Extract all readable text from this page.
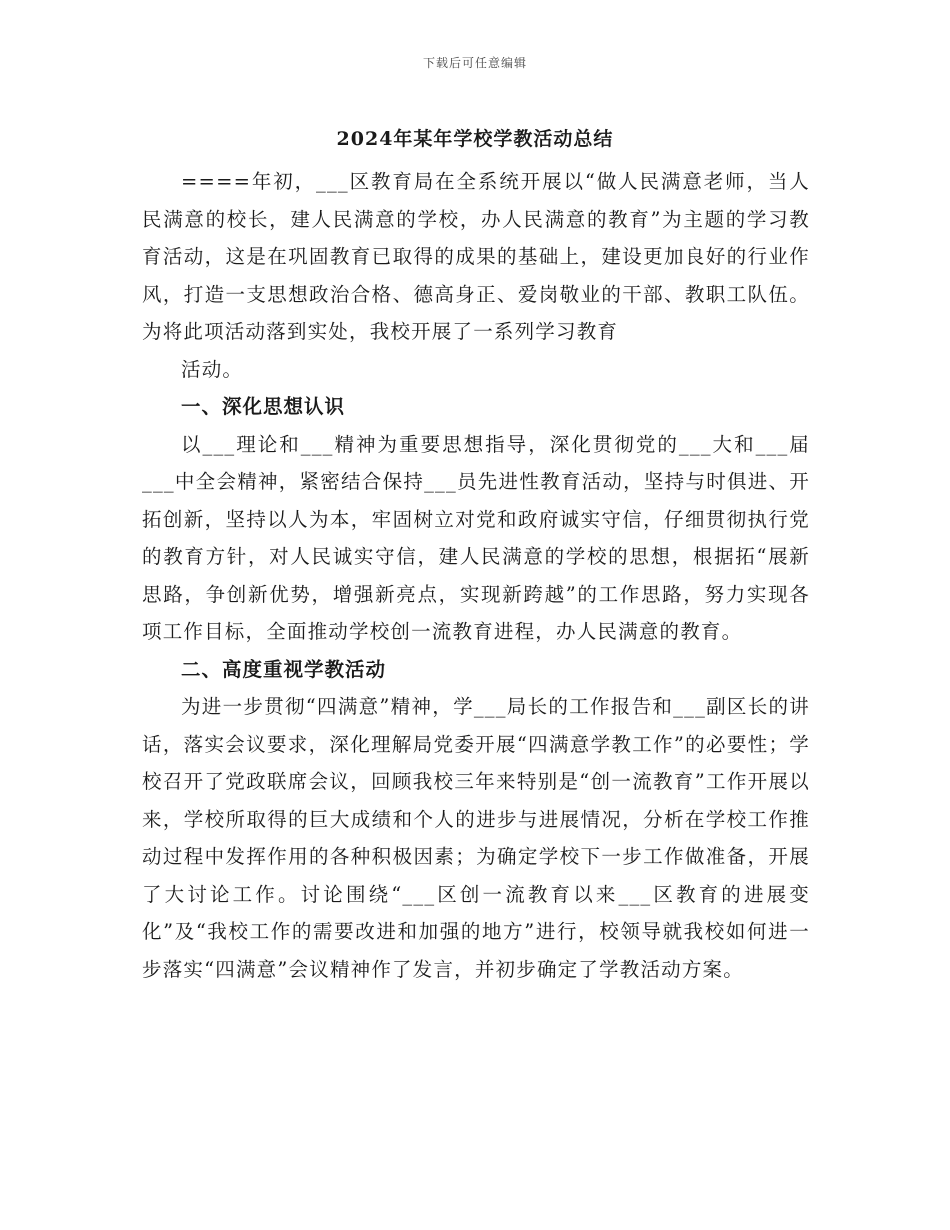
下载后可任意编辑
2024年某年学校学教活动总结

====年初，___区教育局在全系统开展以“做人民满意老师，当人民满意的校长，建人民满意的学校，办人民满意的教育”为主题的学习教育活动，这是在巩固教育已取得的成果的基础上，建设更加良好的行业作风，打造一支思想政治合格、德高身正、爱岗敬业的干部、教职工队伍。为将此项活动落到实处，我校开展了一系列学习教育

活动。

一、深化思想认识

以___理论和___精神为重要思想指导，深化贯彻党的___大和___届___中全会精神，紧密结合保持___员先进性教育活动，坚持与时俱进、开拓创新，坚持以人为本，牢固树立对党和政府诚实守信，仔细贯彻执行党的教育方针，对人民诚实守信，建人民满意的学校的思想，根据拓“展新思路，争创新优势，增强新亮点，实现新跨越”的工作思路，努力实现各项工作目标，全面推动学校创一流教育进程，办人民满意的教育。

二、高度重视学教活动

为进一步贯彻“四满意”精神，学___局长的工作报告和___副区长的讲话，落实会议要求，深化理解局党委开展“四满意学教工作”的必要性；学校召开了党政联席会议，回顾我校三年来特别是“创一流教育”工作开展以来，学校所取得的巨大成绩和个人的进步与进展情况，分析在学校工作推动过程中发挥作用的各种积极因素；为确定学校下一步工作做准备，开展了大讨论工作。讨论围绕“___区创一流教育以来___区教育的进展变化”及“我校工作的需要改进和加强的地方”进行，校领导就我校如何进一步落实“四满意”会议精神作了发言，并初步确定了学教活动方案。
